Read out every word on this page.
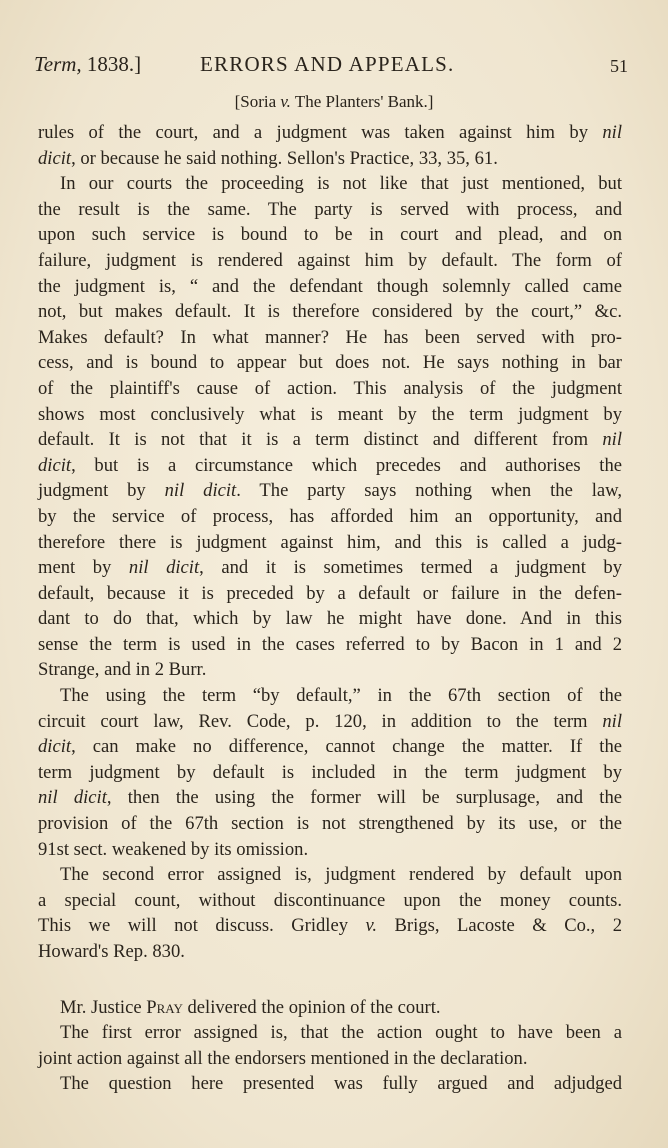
Term, 1838.]	ERRORS AND APPEALS.	51
[Soria v. The Planters' Bank.]

rules of the court, and a judgment was taken against him by nil

dicit, or because he said nothing. Sellon's Practice, 33, 35, 61.

In our courts the proceeding is not like that just mentioned, but

the result is the same. The party is served with process, and

upon such service is bound to be in court and plead, and on

failure, judgment is rendered against him by default. The form of

the judgment is, “ and the defendant though solemnly called came

not, but makes default. It is therefore considered by the court,” &c.

Makes default? In what manner? He has been served with pro-

cess, and is bound to appear but does not. He says nothing in bar

of the plaintiff's cause of action. This analysis of the judgment

shows most conclusively what is meant by the term judgment by

default. It is not that it is a term distinct and different from nil

dicit, but is a circumstance which precedes and authorises the

judgment by nil dicit. The party says nothing when the law,

by the service of process, has afforded him an opportunity, and

therefore there is judgment against him, and this is called a judg-

ment by nil dicit, and it is sometimes termed a judgment by

default, because it is preceded by a default or failure in the defen-

dant to do that, which by law he might have done. And in this

sense the term is used in the cases referred to by Bacon in 1 and 2

Strange, and in 2 Burr.

The using the term “by default,” in the 67th section of the

circuit court law, Rev. Code, p. 120, in addition to the term nil

dicit, can make no difference, cannot change the matter. If the

term judgment by default is included in the term judgment by

nil dicit, then the using the former will be surplusage, and the

provision of the 67th section is not strengthened by its use, or the

91st sect. weakened by its omission.

The second error assigned is, judgment rendered by default upon

a special count, without discontinuance upon the money counts.

This we will not discuss. Gridley v. Brigs, Lacoste & Co., 2

Howard's Rep. 830.

Mr. Justice Pray delivered the opinion of the court.

The first error assigned is, that the action ought to have been a

joint action against all the endorsers mentioned in the declaration.

The question here presented was fully argued and adjudged
